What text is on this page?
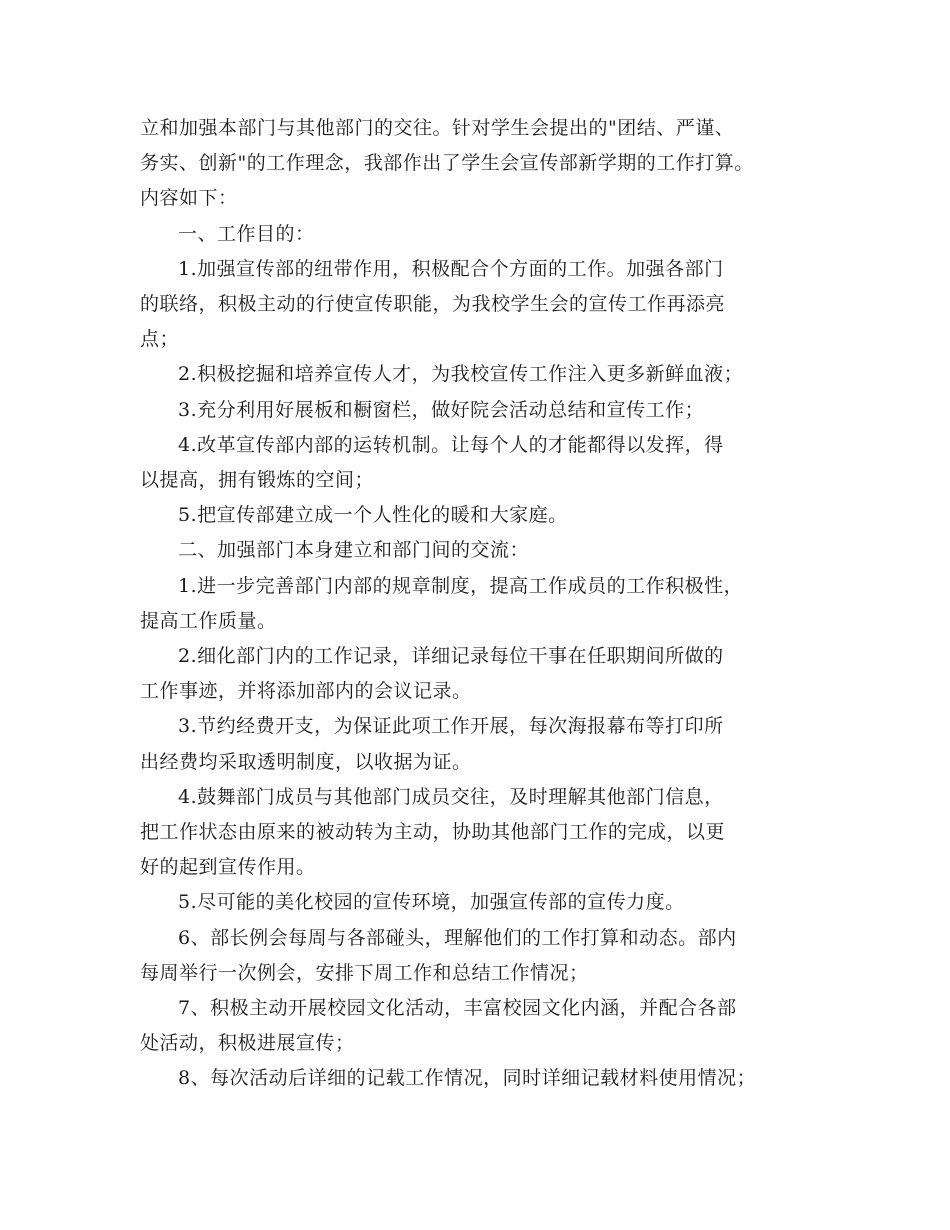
立和加强本部门与其他部门的交往。针对学生会提出的"团结、严谨、
务实、创新"的工作理念，我部作出了学生会宣传部新学期的工作打算。
内容如下：

一、工作目的：

1.加强宣传部的纽带作用，积极配合个方面的工作。加强各部门
的联络，积极主动的行使宣传职能，为我校学生会的宣传工作再添亮
点；

2.积极挖掘和培养宣传人才，为我校宣传工作注入更多新鲜血液；

3.充分利用好展板和橱窗栏，做好院会活动总结和宣传工作；

4.改革宣传部内部的运转机制。让每个人的才能都得以发挥，得
以提高，拥有锻炼的空间；

5.把宣传部建立成一个人性化的暖和大家庭。

二、加强部门本身建立和部门间的交流：

1.进一步完善部门内部的规章制度，提高工作成员的工作积极性，
提高工作质量。

2.细化部门内的工作记录，详细记录每位干事在任职期间所做的
工作事迹，并将添加部内的会议记录。

3.节约经费开支，为保证此项工作开展，每次海报幕布等打印所
出经费均采取透明制度，以收据为证。

4.鼓舞部门成员与其他部门成员交往，及时理解其他部门信息，
把工作状态由原来的被动转为主动，协助其他部门工作的完成，以更
好的起到宣传作用。

5.尽可能的美化校园的宣传环境，加强宣传部的宣传力度。

6、部长例会每周与各部碰头，理解他们的工作打算和动态。部内
每周举行一次例会，安排下周工作和总结工作情况；

7、积极主动开展校园文化活动，丰富校园文化内涵，并配合各部
处活动，积极进展宣传；

8、每次活动后详细的记载工作情况，同时详细记载材料使用情况；
